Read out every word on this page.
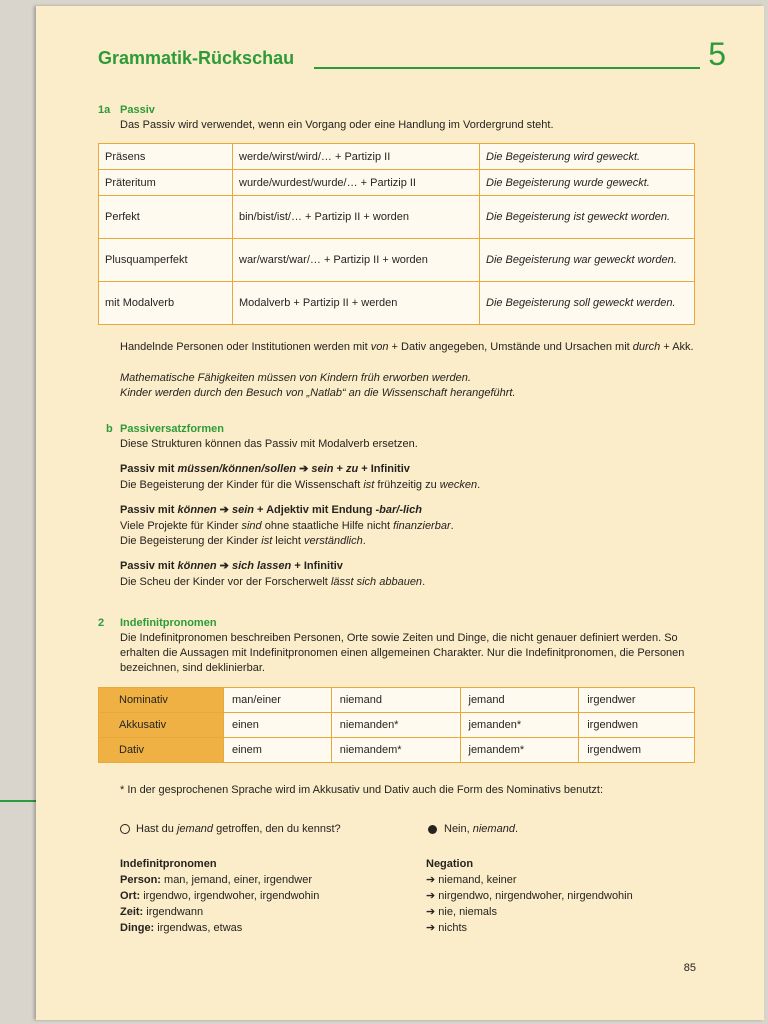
Grammatik-Rückschau	5
1a Passiv
Das Passiv wird verwendet, wenn ein Vorgang oder eine Handlung im Vordergrund steht.
Präsens	werde/wirst/wird/… + Partizip II	Die Begeisterung wird geweckt.
Präteritum	wurde/wurdest/wurde/… + Partizip II	Die Begeisterung wurde geweckt.
Perfekt	bin/bist/ist/… + Partizip II + worden	Die Begeisterung ist geweckt worden.
Plusquamperfekt	war/warst/war/… + Partizip II + worden	Die Begeisterung war geweckt worden.
mit Modalverb	Modalverb + Partizip II + werden	Die Begeisterung soll geweckt werden.
Handelnde Personen oder Institutionen werden mit von + Dativ angegeben, Umstände und Ursachen mit durch + Akk.
Mathematische Fähigkeiten müssen von Kindern früh erworben werden.
Kinder werden durch den Besuch von „Natlab“ an die Wissenschaft herangeführt.
b Passiversatzformen
Diese Strukturen können das Passiv mit Modalverb ersetzen.
Passiv mit müssen/können/sollen ➔ sein + zu + Infinitiv
Die Begeisterung der Kinder für die Wissenschaft ist frühzeitig zu wecken.
Passiv mit können ➔ sein + Adjektiv mit Endung -bar/-lich
Viele Projekte für Kinder sind ohne staatliche Hilfe nicht finanzierbar.
Die Begeisterung der Kinder ist leicht verständlich.
Passiv mit können ➔ sich lassen + Infinitiv
Die Scheu der Kinder vor der Forscherwelt lässt sich abbauen.
2 Indefinitpronomen
Die Indefinitpronomen beschreiben Personen, Orte sowie Zeiten und Dinge, die nicht genauer definiert werden. So erhalten die Aussagen mit Indefinitpronomen einen allgemeinen Charakter. Nur die Indefinitpronomen, die Personen bezeichnen, sind deklinierbar.
Nominativ	man/einer	niemand	jemand	irgendwer
Akkusativ	einen	niemanden*	jemanden*	irgendwen
Dativ	einem	niemandem*	jemandem*	irgendwem
* In der gesprochenen Sprache wird im Akkusativ und Dativ auch die Form des Nominativs benutzt:
Hast du jemand getroffen, den du kennst?	Nein, niemand.
Indefinitpronomen
Person: man, jemand, einer, irgendwer
Ort: irgendwo, irgendwoher, irgendwohin
Zeit: irgendwann
Dinge: irgendwas, etwas
Negation
➔ niemand, keiner
➔ nirgendwo, nirgendwoher, nirgendwohin
➔ nie, niemals
➔ nichts
85
